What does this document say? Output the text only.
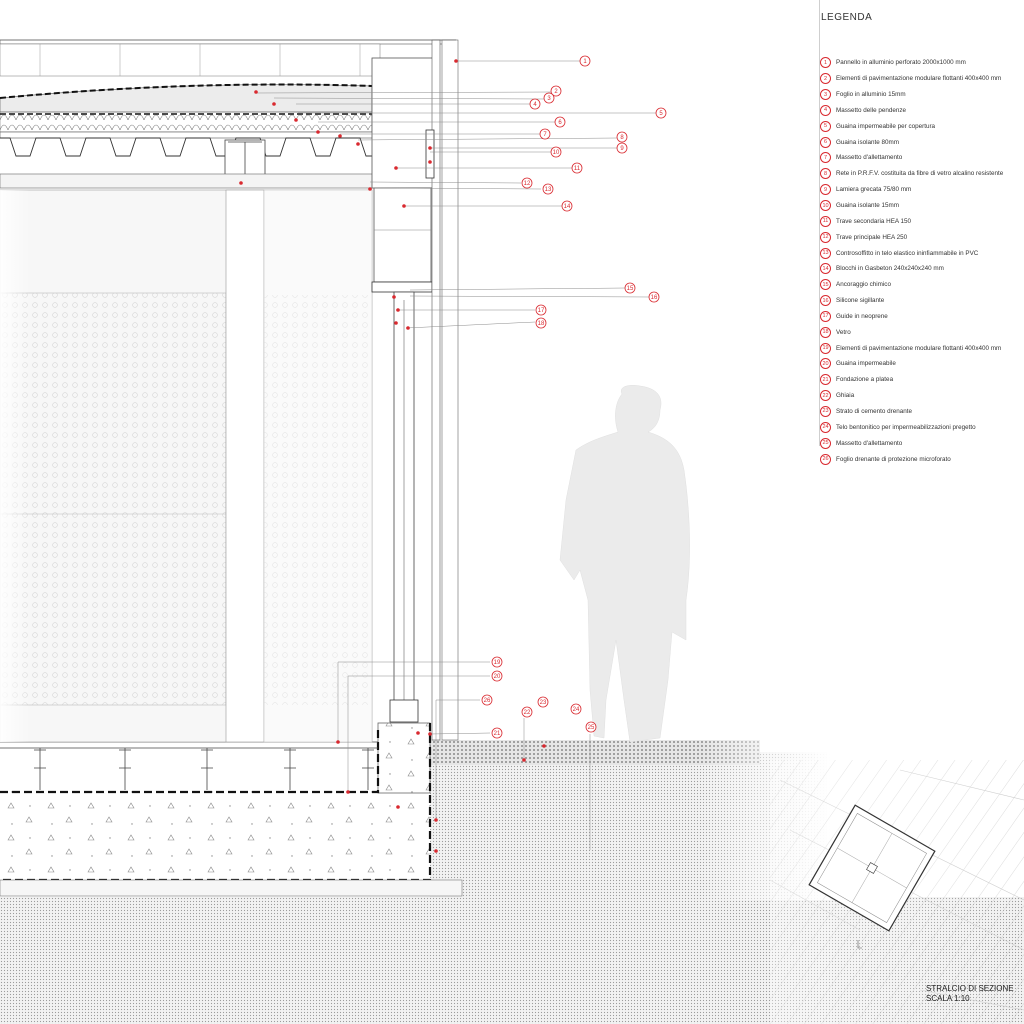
1
2
3
4
5
6
7	8
9
10
11
12
13
14
15
16
17
18
19
20
21
22
23
24
25
26
LEGENDA
1	Pannello in alluminio perforato 2000x1000 mm
2	Elementi di pavimentazione modulare flottanti 400x400 mm
3	Foglio in alluminio 15mm
4	Massetto delle pendenze
5	Guaina impermeabile per copertura
6	Guaina isolante 80mm
7	Massetto d'allettamento
8	Rete in P.R.F.V. costituita da fibre di vetro alcalino resistente
9	Lamiera grecata 75/80 mm
10	Guaina isolante 15mm
11	Trave secondaria HEA 150
12	Trave principale HEA 250
13	Controsoffitto in telo elastico ininfiammabile in PVC
14	Blocchi in Gasbeton 240x240x240 mm
15	Ancoraggio chimico
16	Silicone sigillante
17	Guide in neoprene
18	Vetro
19	Elementi di pavimentazione modulare flottanti 400x400 mm
20	Guaina impermeabile
21	Fondazione a platea
22	Ghiaia
23	Strato di cemento drenante
24	Telo bentonitico per impermeabilizzazioni pregetto
25	Massetto d'allettamento
26	Foglio drenante di protezione microforato
STRALCIO DI SEZIONE
SCALA 1:10
